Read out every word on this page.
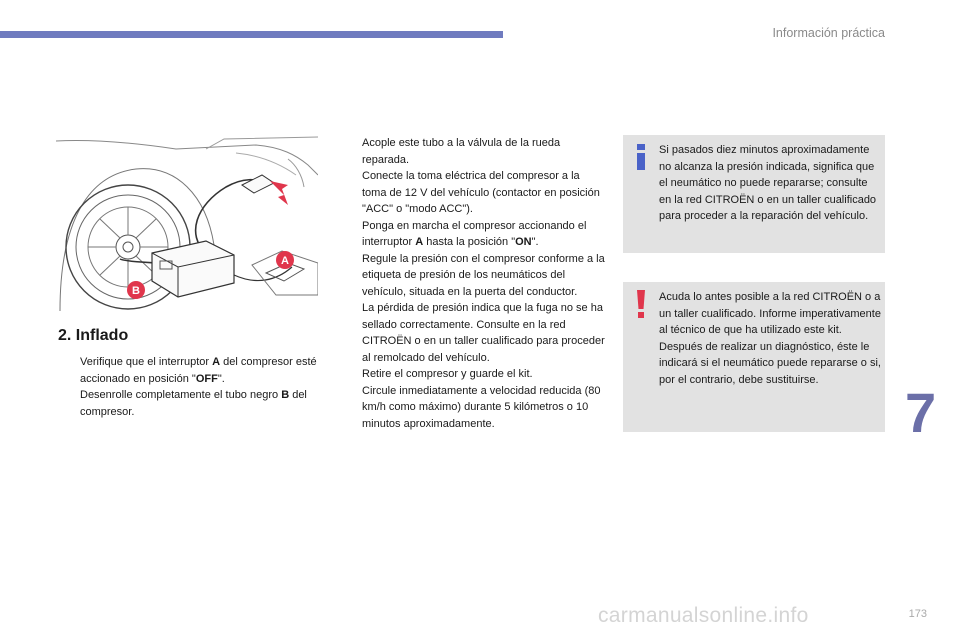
Información práctica
A
B
2. Inflado
Verifique que el interruptor A del compresor esté accionado en posición "OFF".
Desenrolle completamente el tubo negro B del compresor.
Acople este tubo a la válvula de la rueda reparada.
Conecte la toma eléctrica del compresor a la toma de 12 V del vehículo (contactor en posición "ACC" o "modo ACC").
Ponga en marcha el compresor accionando el interruptor A hasta la posición "ON".
Regule la presión con el compresor conforme a la etiqueta de presión de los neumáticos del vehículo, situada en la puerta del conductor.
La pérdida de presión indica que la fuga no se ha sellado correctamente. Consulte en la red CITROËN o en un taller cualificado para proceder al remolcado del vehículo.
Retire el compresor y guarde el kit.
Circule inmediatamente a velocidad reducida (80 km/h como máximo) durante 5 kilómetros o 10 minutos aproximadamente.
Si pasados diez minutos aproximadamente no alcanza la presión indicada, significa que el neumático no puede repararse; consulte en la red CITROËN o en un taller cualificado para proceder a la reparación del vehículo.
Acuda lo antes posible a la red CITROËN o a un taller cualificado. Informe imperativamente al técnico de que ha utilizado este kit. Después de realizar un diagnóstico, éste le indicará si el neumático puede repararse o si, por el contrario, debe sustituirse.
7
carmanualsonline.info	173
